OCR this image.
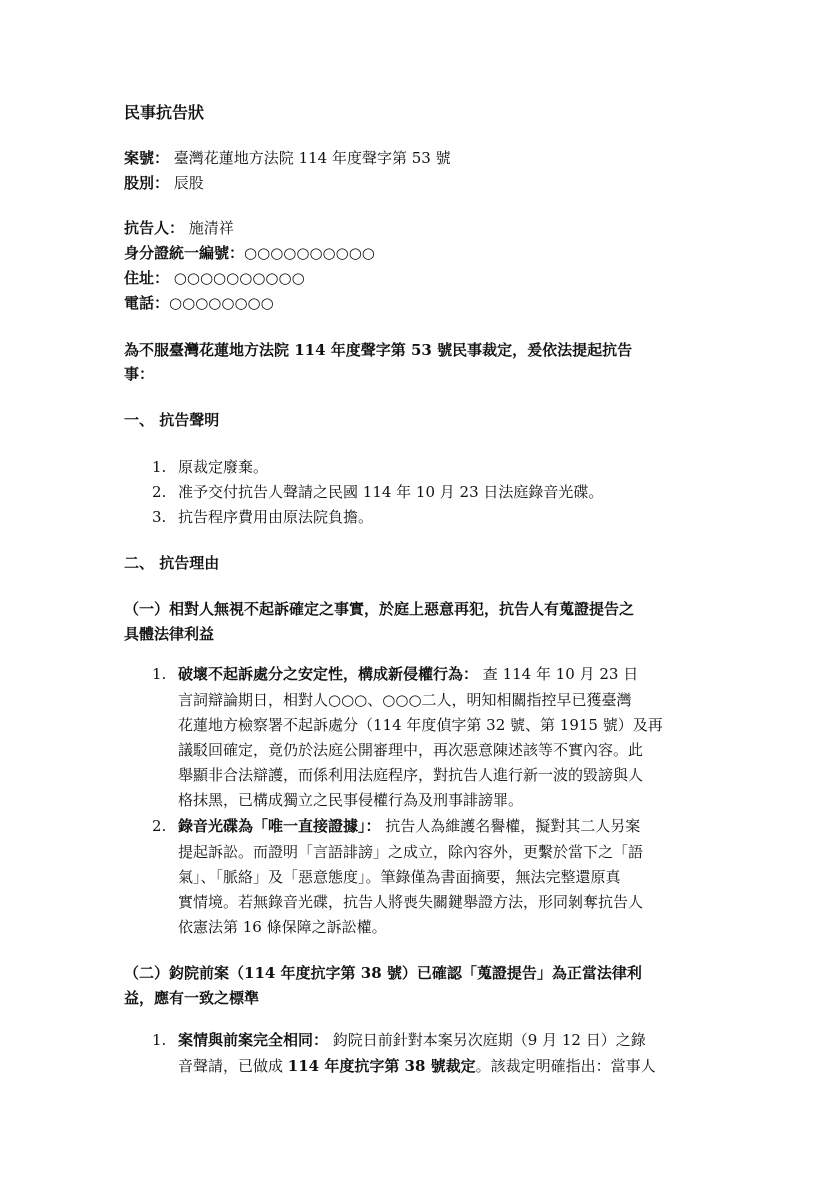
民事抗告狀
案號： 臺灣花蓮地方法院 114 年度聲字第 53 號
股別： 辰股
抗告人： 施清祥
身分證統一編號：○○○○○○○○○○
住址： ○○○○○○○○○○
電話：○○○○○○○○
為不服臺灣花蓮地方法院 114 年度聲字第 53 號民事裁定，爰依法提起抗告
事：
一、 抗告聲明
1. 原裁定廢棄。
2. 准予交付抗告人聲請之民國 114 年 10 月 23 日法庭錄音光碟。
3. 抗告程序費用由原法院負擔。
二、 抗告理由
（一）相對人無視不起訴確定之事實，於庭上惡意再犯，抗告人有蒐證提告之
具體法律利益
1. 破壞不起訴處分之安定性，構成新侵權行為： 查 114 年 10 月 23 日
言詞辯論期日，相對人○○○、○○○二人，明知相關指控早已獲臺灣
花蓮地方檢察署不起訴處分（114 年度偵字第 32 號、第 1915 號）及再
議駁回確定，竟仍於法庭公開審理中，再次惡意陳述該等不實內容。此
舉顯非合法辯護，而係利用法庭程序，對抗告人進行新一波的毀謗與人
格抹黑，已構成獨立之民事侵權行為及刑事誹謗罪。
2. 錄音光碟為「唯一直接證據」： 抗告人為維護名譽權，擬對其二人另案
提起訴訟。而證明「言語誹謗」之成立，除內容外，更繫於當下之「語
氣」、「脈絡」及「惡意態度」。筆錄僅為書面摘要，無法完整還原真
實情境。若無錄音光碟，抗告人將喪失關鍵舉證方法，形同剝奪抗告人
依憲法第 16 條保障之訴訟權。
（二）鈞院前案（114 年度抗字第 38 號）已確認「蒐證提告」為正當法律利
益，應有一致之標準
1. 案情與前案完全相同： 鈞院日前針對本案另次庭期（9 月 12 日）之錄
音聲請，已做成 114 年度抗字第 38 號裁定。該裁定明確指出：當事人
